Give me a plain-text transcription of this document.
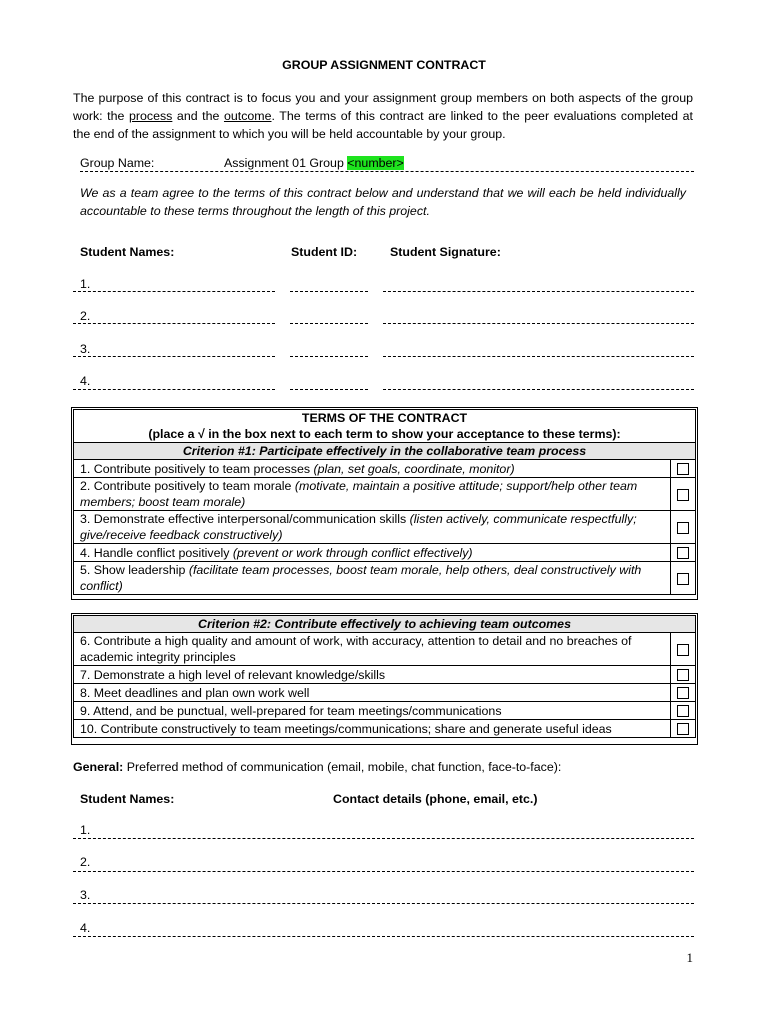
GROUP ASSIGNMENT CONTRACT
The purpose of this contract is to focus you and your assignment group members on both aspects of the group work: the process and the outcome. The terms of this contract are linked to the peer evaluations completed at the end of the assignment to which you will be held accountable by your group.
Group Name:	Assignment 01 Group <number>
We as a team agree to the terms of this contract below and understand that we will each be held individually accountable to these terms throughout the length of this project.
Student Names:	Student ID:	Student Signature:
1.
2.
3.
4.
TERMS OF THE CONTRACT
(place a √ in the box next to each term to show your acceptance to these terms):	

Criterion #1: Participate effectively in the collaborative team process	
1. Contribute positively to team processes (plan, set goals, coordinate, monitor)	
2. Contribute positively to team morale (motivate, maintain a positive attitude; support/help other team members; boost team morale)	
3. Demonstrate effective interpersonal/communication skills (listen actively, communicate respectfully; give/receive feedback constructively)	
4. Handle conflict positively (prevent or work through conflict effectively)	
5. Show leadership (facilitate team processes, boost team morale, help others, deal constructively with conflict)	
Criterion #2: Contribute effectively to achieving team outcomes	
6. Contribute a high quality and amount of work, with accuracy, attention to detail and no breaches of academic integrity principles	
7. Demonstrate a high level of relevant knowledge/skills	
8. Meet deadlines and plan own work well	
9. Attend, and be punctual, well-prepared for team meetings/communications	
10. Contribute constructively to team meetings/communications; share and generate useful ideas	
General: Preferred method of communication (email, mobile, chat function, face-to-face):
Student Names:	Contact details (phone, email, etc.)
1.
2.
3.
4.
1
